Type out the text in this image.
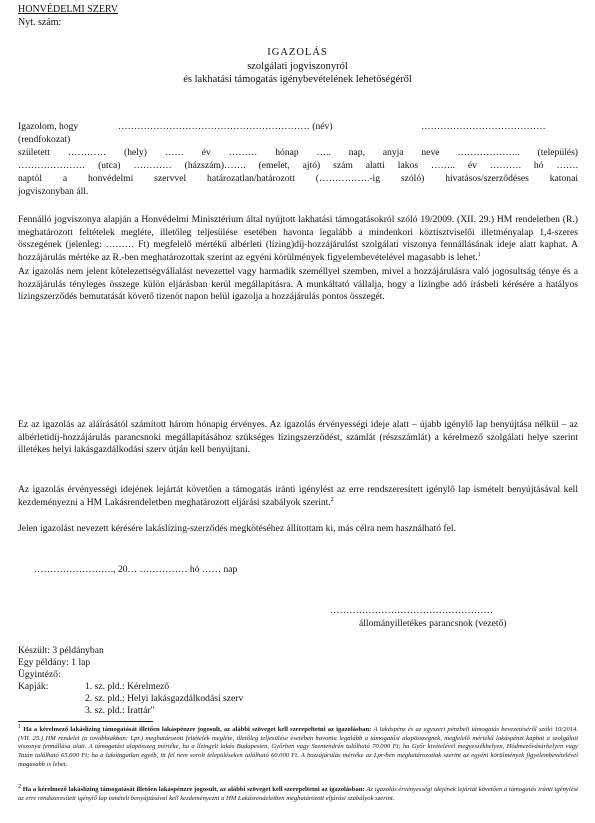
HONVÉDELMI SZERV
Nyt. szám:
IGAZOLÁS
szolgálati jogviszonyról
és lakhatási támogatás igénybevételének lehetőségéről
Igazolom, hogy	…………………………………………………… (név)	…………………………………
(rendfokozat)

született ………… (hely) …… év ……… hónap ….. nap, anyja neve ……………….. (település)

………………… (utca) ………… (házszám)……. (emelet, ajtó) szám alatti lakos …….. év ………. hó …….

naptól a honvédelmi szervvel határozatlan/határozott (…………….-ig szóló) hivatásos/szerződéses katonai

jogviszonyban áll.

Fennálló jogviszonya alapján a Honvédelmi Minisztérium által nyújtott lakhatási támogatásokról szóló 19/2009. (XII. 29.) HM rendeletben (R.) meghatározott feltételek megléte, illetőleg teljesülése esetében havonta legalább a mindenkori köztisztviselői illetményalap 1,4-szeres összegének (jelenleg: ……… Ft) megfelelő mértékű albérleti (lízing)díj-hozzájárulást szolgálati viszonya fennállásának ideje alatt kaphat. A hozzájárulás mértéke az R.-ben meghatározottak szerint az egyéni körülmények figyelembevételével magasabb is lehet.$^1$

Az igazolás nem jelent kötelezettségvállalást nevezettel vagy harmadik személlyel szemben, mivel a hozzájárulásra való jogosultság ténye és a hozzájárulás tényleges összege külön eljárásban kerül megállapításra. A munkáltató vállalja, hogy a lízingbe adó írásbeli kérésére a hatályos lízingszerződés bemutatását követő tizenöt napon belül igazolja a hozzájárulás pontos összegét.

Ez az igazolás az aláírásától számított három hónapig érvényes. Az igazolás érvényességi ideje alatt – újabb igénylő lap benyújtása nélkül – az albérletidíj-hozzájárulás parancsnoki megállapításához szükséges lízingszerződést, számlát (részszámlát) a kérelmező szolgálati helye szerint illetékes helyi lakásgazdálkodási szerv útján kell benyújtani.

Az igazolás érvényességi idejének lejártát követően a támogatás iránti igénylést az erre rendszeresített igénylő lap ismételt benyújtásával kell kezdeményezni a HM Lakásrendeletben meghatározott eljárási szabályok szerint.$^2$

Jelen igazolást nevezett kérésére lakáslízing-szerződés megkötéséhez állítottam ki, más célra nem használható fel.

……………………., 20… …………… hó …… nap
……………………………………………
állományilletékes parancsnok (vezető)
Készült: 3 példányban
Egy példány: 1 lap
Ügyintéző:
Kapják:	1. sz. pld.: Kérelmező
2. sz. pld.: Helyi lakásgazdálkodási szerv
3. sz. pld.: Irattár"
$^1$ Ha a kérelmező lakáslízing támogatását illetően lakáspénzre jogosult, az alábbi szöveget kell szerepeltetni az igazolásban: A lakáspénz és az egyszeri pénzbeli támogatás bevezetéséről szóló 10/2014. (VII. 25.) HM rendelet (a továbbiakban: Lpr.) meghatározott feltételek megléte, illetőleg teljesülése esetében havonta legalább a támogatási alapösszegnek, megfelelő mértékű lakáspénzt kaphat a szolgálati viszonya fennállása alatt. A támogatási alapösszeg mértéke, ha a lízingelt lakás Budapesten, Győrben vagy Szentendrén található 70.000 Ft; ha Győr kivételével megyeszékhelyen, Hódmezővásárhelyen vagy Tatán található 65.000 Ft; ha a lakóingatlan egyéb, itt fel nem sorolt településeken található 60.000 Ft. A hozzájárulás mértéke az Lpr-ben meghatározottak szerint az egyéni körülmények figyelembevételével magasabb is lehet.
$^2$ Ha a kérelmező lakáslízing támogatását illetően lakáspénzre jogosult, az alábbi szöveget kell szerepeltetni az igazolásban: Az igazolás érvényességi idejének lejártát követően a támogatás iránti igénylést az erre rendszeresített igénylő lap ismételt benyújtásával kell kezdeményezni a HM Lakásrendeletben meghatározott eljárási szabályok szerint.
